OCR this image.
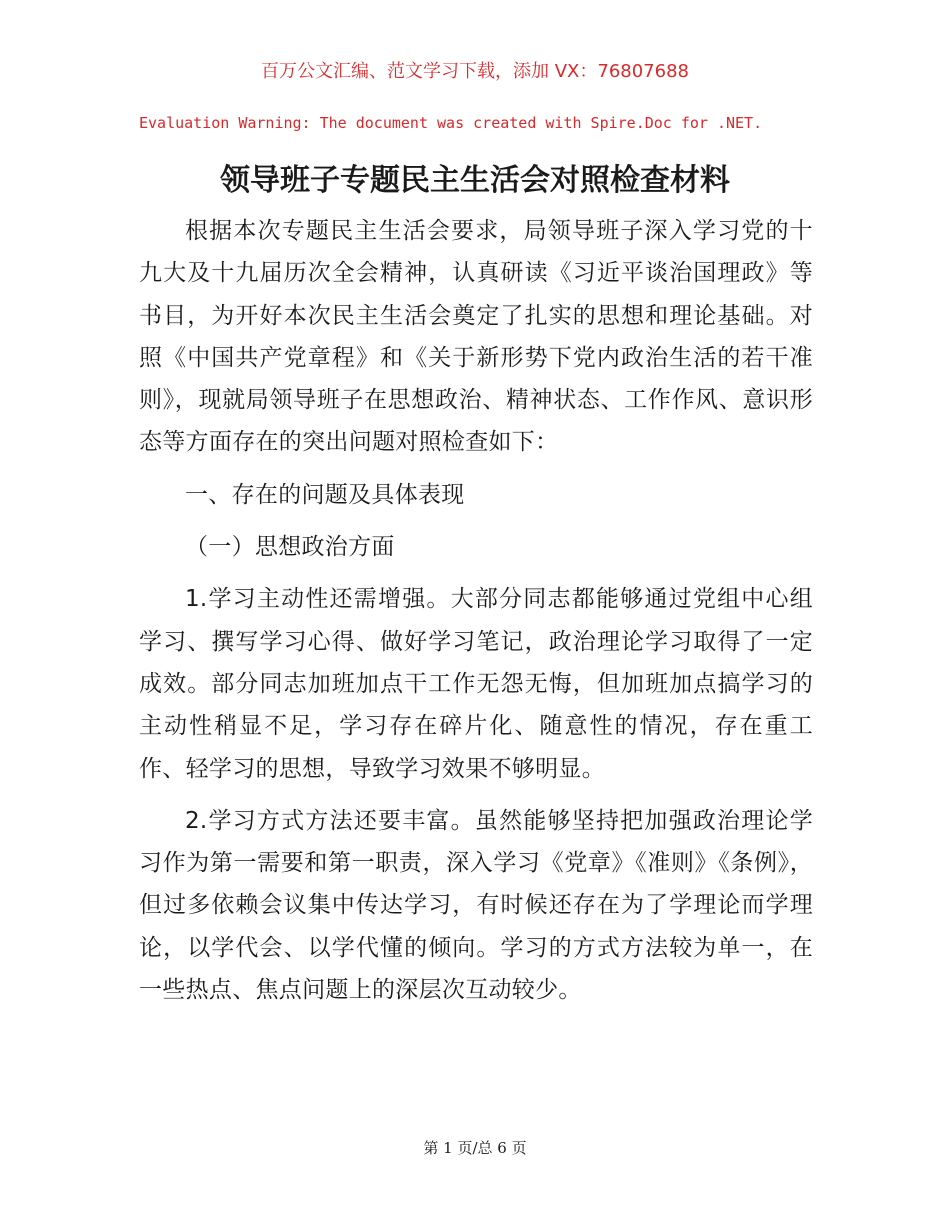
百万公文汇编、范文学习下载，添加 VX：76807688
Evaluation Warning: The document was created with Spire.Doc for .NET.
领导班子专题民主生活会对照检查材料

根据本次专题民主生活会要求，局领导班子深入学习党的十九大及十九届历次全会精神，认真研读《习近平谈治国理政》等书目，为开好本次民主生活会奠定了扎实的思想和理论基础。对照《中国共产党章程》和《关于新形势下党内政治生活的若干准则》，现就局领导班子在思想政治、精神状态、工作作风、意识形态等方面存在的突出问题对照检查如下：

一、存在的问题及具体表现

（一）思想政治方面

1.学习主动性还需增强。大部分同志都能够通过党组中心组学习、撰写学习心得、做好学习笔记，政治理论学习取得了一定成效。部分同志加班加点干工作无怨无悔，但加班加点搞学习的主动性稍显不足，学习存在碎片化、随意性的情况，存在重工作、轻学习的思想，导致学习效果不够明显。

2.学习方式方法还要丰富。虽然能够坚持把加强政治理论学习作为第一需要和第一职责，深入学习《党章》《准则》《条例》，但过多依赖会议集中传达学习，有时候还存在为了学理论而学理论，以学代会、以学代懂的倾向。学习的方式方法较为单一，在一些热点、焦点问题上的深层次互动较少。

第 1 页/总 6 页
